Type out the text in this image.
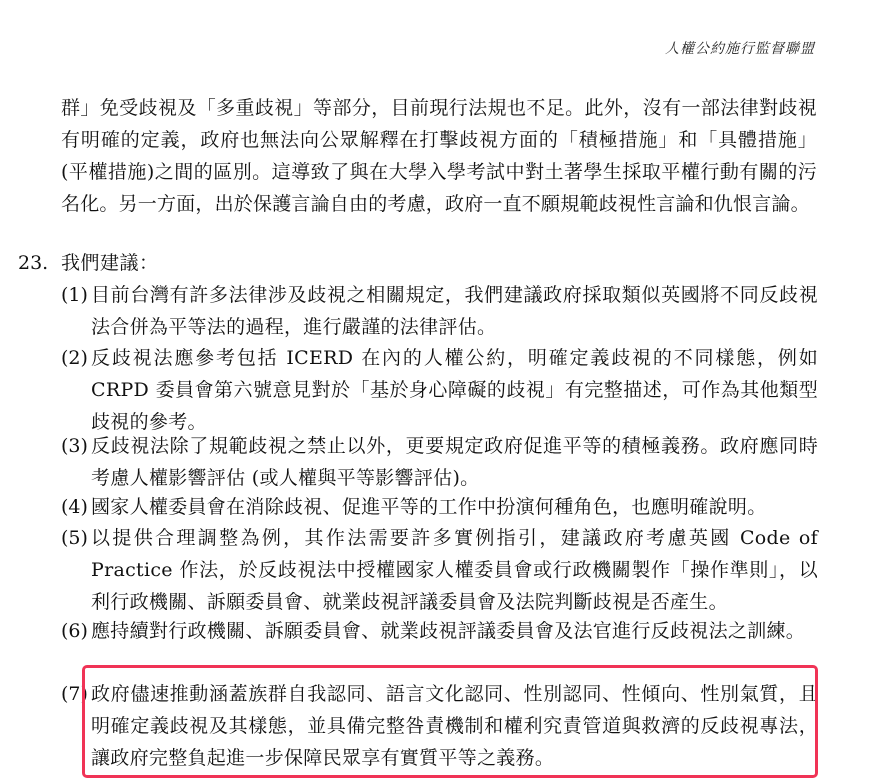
人權公約施行監督聯盟
群」免受歧視及「多重歧視」等部分，目前現行法規也不足。此外，沒有一部法律對歧視有明確的定義，政府也無法向公眾解釋在打擊歧視方面的「積極措施」和「具體措施」(平權措施)之間的區別。這導致了與在大學入學考試中對土著學生採取平權行動有關的污名化。另一方面，出於保護言論自由的考慮，政府一直不願規範歧視性言論和仇恨言論。
23. 我們建議：
(1) 目前台灣有許多法律涉及歧視之相關規定，我們建議政府採取類似英國將不同反歧視法合併為平等法的過程，進行嚴謹的法律評估。
(2) 反歧視法應參考包括 ICERD 在內的人權公約，明確定義歧視的不同樣態，例如 CRPD 委員會第六號意見對於「基於身心障礙的歧視」有完整描述，可作為其他類型歧視的參考。
(3) 反歧視法除了規範歧視之禁止以外，更要規定政府促進平等的積極義務。政府應同時考慮人權影響評估 (或人權與平等影響評估)。
(4) 國家人權委員會在消除歧視、促進平等的工作中扮演何種角色，也應明確說明。
(5) 以提供合理調整為例，其作法需要許多實例指引，建議政府考慮英國 Code of Practice 作法，於反歧視法中授權國家人權委員會或行政機關製作「操作準則」，以利行政機關、訴願委員會、就業歧視評議委員會及法院判斷歧視是否產生。
(6) 應持續對行政機關、訴願委員會、就業歧視評議委員會及法官進行反歧視法之訓練。
(7) 政府儘速推動涵蓋族群自我認同、語言文化認同、性別認同、性傾向、性別氣質，且明確定義歧視及其樣態，並具備完整咎責機制和權利究責管道與救濟的反歧視專法，讓政府完整負起進一步保障民眾享有實質平等之義務。
